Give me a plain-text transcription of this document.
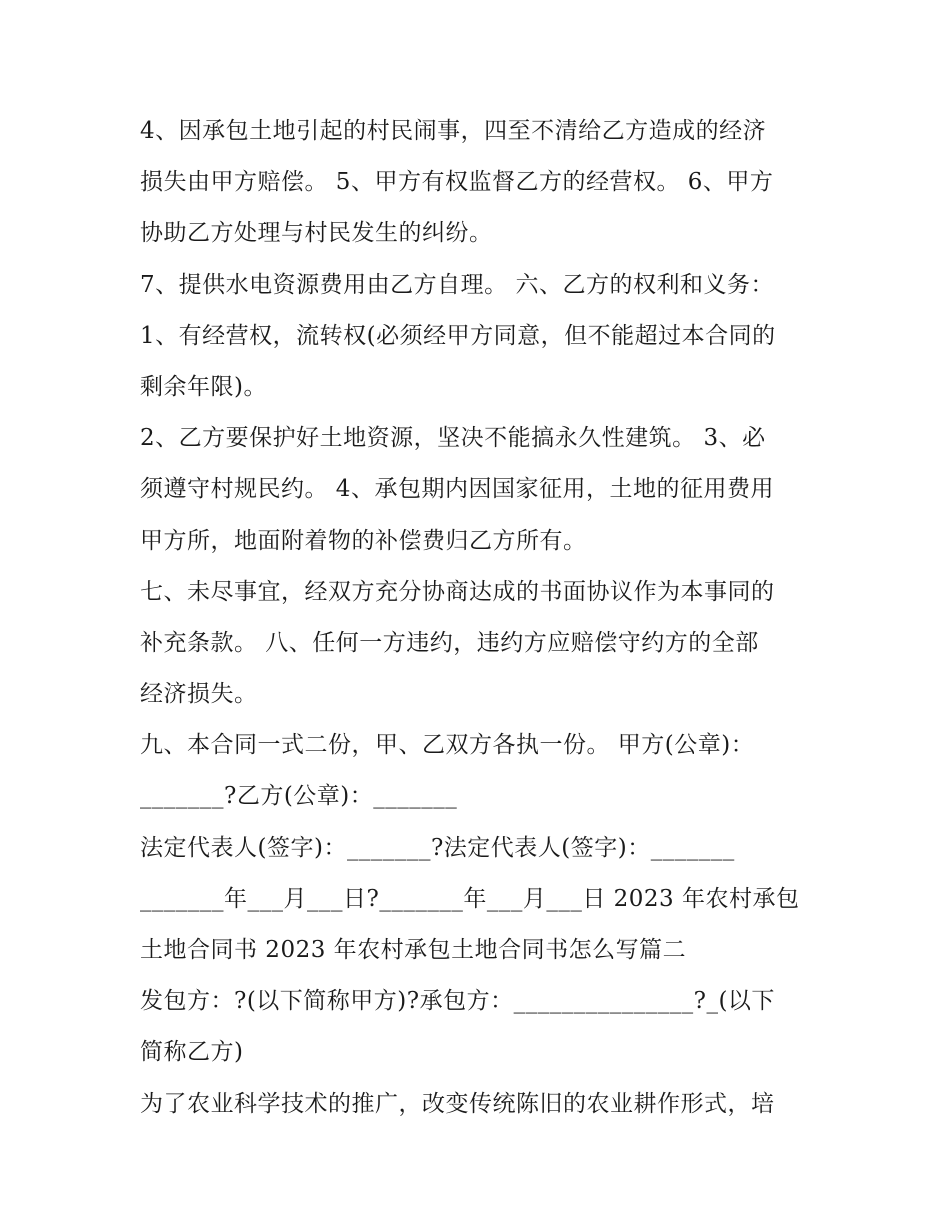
4、因承包土地引起的村民闹事，四至不清给乙方造成的经济
损失由甲方赔偿。 5、甲方有权监督乙方的经营权。 6、甲方
协助乙方处理与村民发生的纠纷。
7、提供水电资源费用由乙方自理。 六、乙方的权利和义务：
1、有经营权，流转权(必须经甲方同意，但不能超过本合同的
剩余年限)。
2、乙方要保护好土地资源，坚决不能搞永久性建筑。 3、必
须遵守村规民约。 4、承包期内因国家征用，土地的征用费用
甲方所，地面附着物的补偿费归乙方所有。
七、未尽事宜，经双方充分协商达成的书面协议作为本事同的
补充条款。 八、任何一方违约，违约方应赔偿守约方的全部
经济损失。
九、本合同一式二份，甲、乙双方各执一份。 甲方(公章)：
_______?乙方(公章)：_______
法定代表人(签字)：_______?法定代表人(签字)：_______
_______年___月___日?_______年___月___日 2023 年农村承包
土地合同书 2023 年农村承包土地合同书怎么写篇二
发包方：?(以下简称甲方)?承包方：_______________?_(以下
简称乙方)
为了农业科学技术的推广，改变传统陈旧的农业耕作形式，培
